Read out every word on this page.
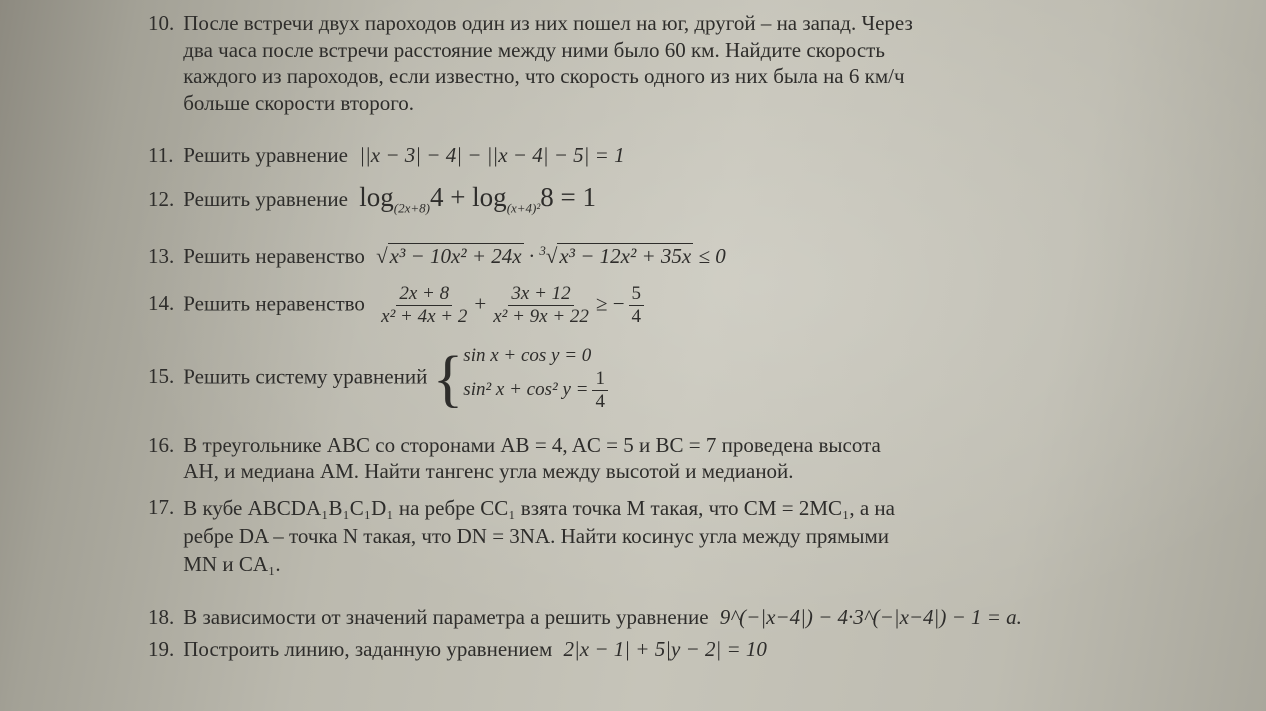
10. После встречи двух пароходов один из них пошел на юг, другой – на запад. Через
два часа после встречи расстояние между ними было 60 км. Найдите скорость
каждого из пароходов, если известно, что скорость одного из них была на 6 км/ч
больше скорости второго.
11. Решить уравнение ||x − 3| − 4| − ||x − 4| − 5| = 1
12. Решить уравнение $\log_{(2x+8)}4 + \log_{(x+4)^2}8 = 1$
13. Решить неравенство √x³ − 10x² + 24x · $^3$√x³ − 12x² + 35x ≤ 0
14. Решить неравенство $\frac{2x + 8}{\text{x² + 4x + 2}} + \frac{3x + 12}{\text{x² + 9x + 22}}$ ≥ − $\frac{5}{4}$
15. Решить систему уравнений { sin x + cos y = 0
sin² x + cos² $y = \frac{1}{4}$
16. В треугольнике ABC со сторонами AB = 4, AC = 5 и BC = 7 проведена высота
AH, и медиана AM. Найти тангенс угла между высотой и медианой.
17. В кубе ABCDA₁B₁C₁D₁ на ребре CC₁ взята точка M такая, что CM = 2MC₁, а на
ребре DA – точка N такая, что DN = 3NA. Найти косинус угла между прямыми
MN и CA₁.
18. В зависимости от значений параметра a решить уравнение 9^(−|x−4|) − 4·3^(−|x−4|) − 1 = a.
19. Построить линию, заданную уравнением 2|x − 1| + 5|y − 2| = 10
